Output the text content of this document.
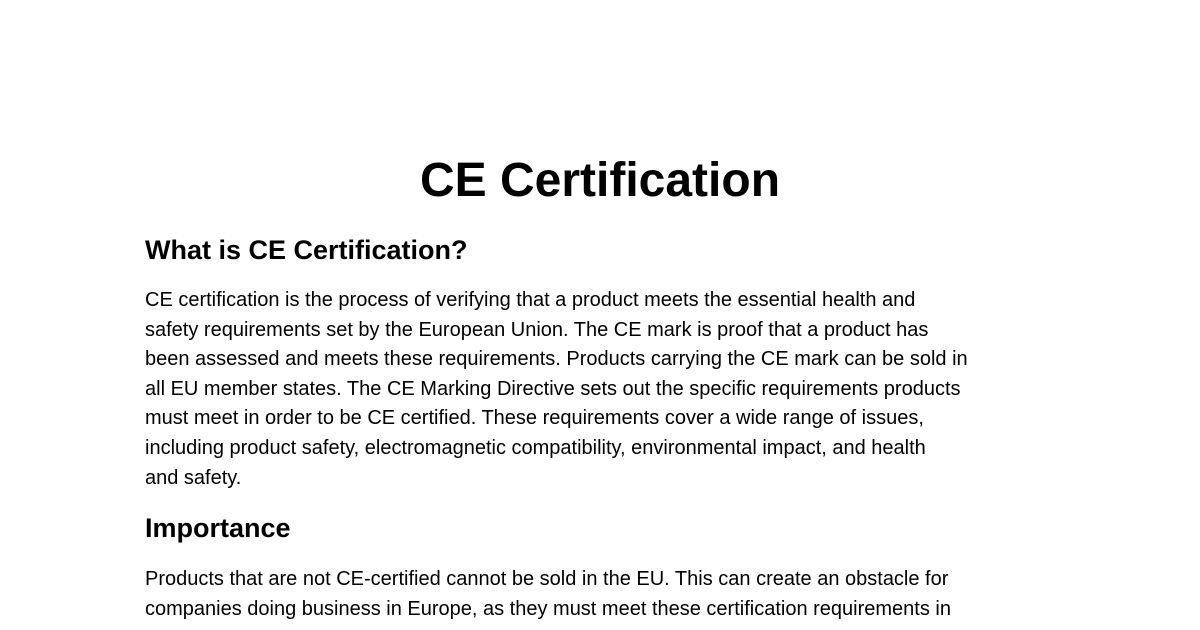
CE Certification
What is CE Certification?

CE certification is the process of verifying that a product meets the essential health and
safety requirements set by the European Union. The CE mark is proof that a product has
been assessed and meets these requirements. Products carrying the CE mark can be sold in
all EU member states. The CE Marking Directive sets out the specific requirements products
must meet in order to be CE certified. These requirements cover a wide range of issues,
including product safety, electromagnetic compatibility, environmental impact, and health
and safety.

Importance

Products that are not CE-certified cannot be sold in the EU. This can create an obstacle for
companies doing business in Europe, as they must meet these certification requirements in
